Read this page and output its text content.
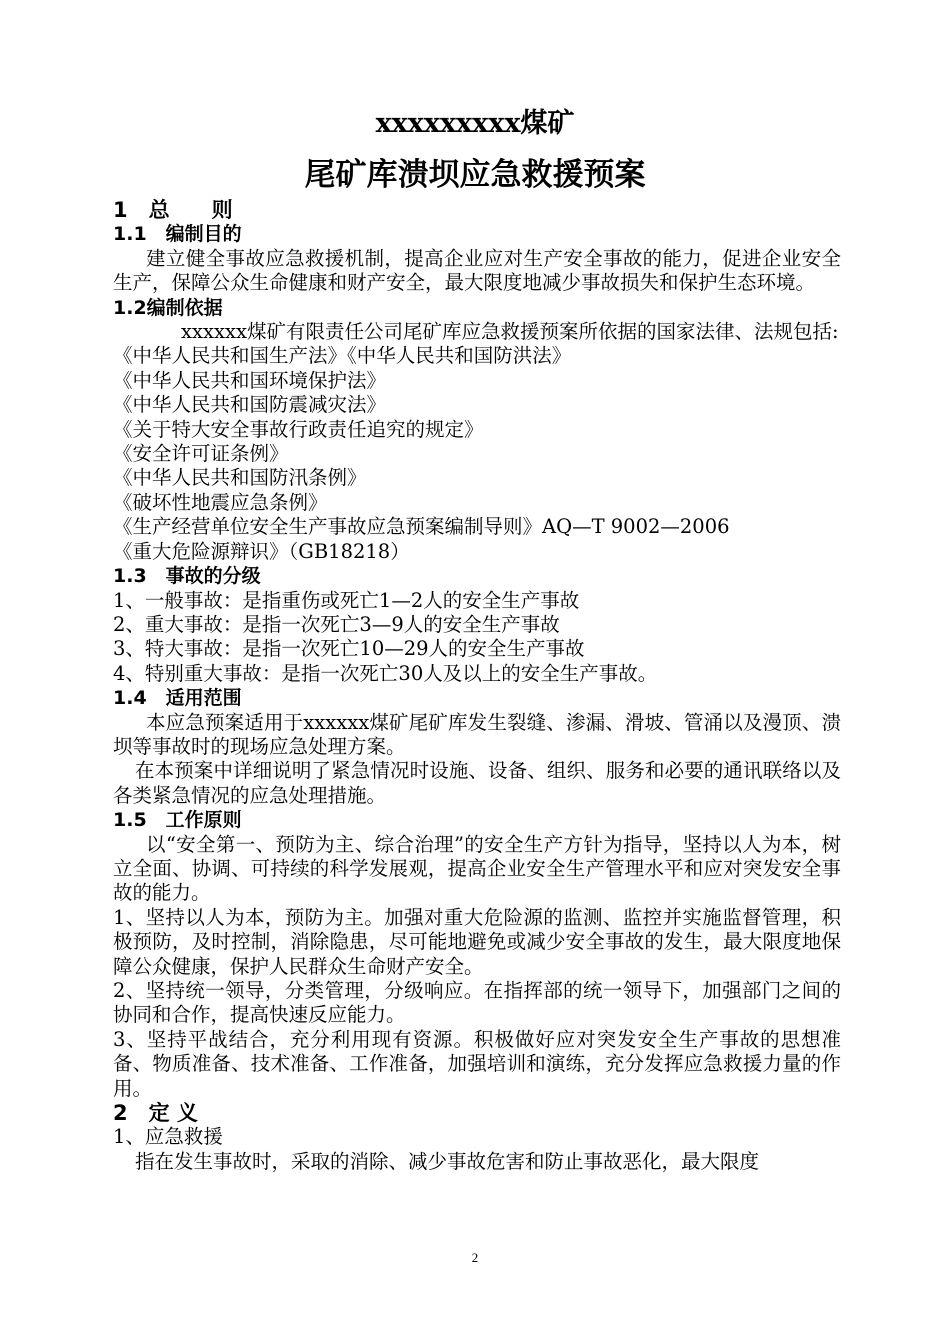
xxxxxxxxx煤矿
尾矿库溃坝应急救援预案

1　总　　则

1.1　编制目的

建立健全事故应急救援机制，提高企业应对生产安全事故的能力，促进企业安全生产，保障公众生命健康和财产安全，最大限度地减少事故损失和保护生态环境。

1.2编制依据

xxxxxx煤矿有限责任公司尾矿库应急救援预案所依据的国家法律、法规包括:

《中华人民共和国生产法》《中华人民共和国防洪法》

《中华人民共和国环境保护法》

《中华人民共和国防震减灾法》

《关于特大安全事故行政责任追究的规定》

《安全许可证条例》

《中华人民共和国防汛条例》

《破坏性地震应急条例》

《生产经营单位安全生产事故应急预案编制导则》AQ—T 9002—2006

《重大危险源辩识》（GB18218）

1.3　事故的分级

1、一般事故：是指重伤或死亡1—2人的安全生产事故

2、重大事故：是指一次死亡3—9人的安全生产事故

3、特大事故：是指一次死亡10—29人的安全生产事故

4、特别重大事故：是指一次死亡30人及以上的安全生产事故。

1.4　适用范围

本应急预案适用于xxxxxx煤矿尾矿库发生裂缝、渗漏、滑坡、管涌以及漫顶、溃坝等事故时的现场应急处理方案。

在本预案中详细说明了紧急情况时设施、设备、组织、服务和必要的通讯联络以及各类紧急情况的应急处理措施。

1.5　工作原则

以“安全第一、预防为主、综合治理”的安全生产方针为指导，坚持以人为本，树立全面、协调、可持续的科学发展观，提高企业安全生产管理水平和应对突发安全事故的能力。

1、坚持以人为本，预防为主。加强对重大危险源的监测、监控并实施监督管理，积极预防，及时控制，消除隐患，尽可能地避免或减少安全事故的发生，最大限度地保障公众健康，保护人民群众生命财产安全。

2、坚持统一领导，分类管理，分级响应。在指挥部的统一领导下，加强部门之间的协同和合作，提高快速反应能力。

3、坚持平战结合，充分利用现有资源。积极做好应对突发安全生产事故的思想准备、物质准备、技术准备、工作准备，加强培训和演练，充分发挥应急救援力量的作用。

2　定 义

1、应急救援

指在发生事故时，采取的消除、减少事故危害和防止事故恶化，最大限度

2
